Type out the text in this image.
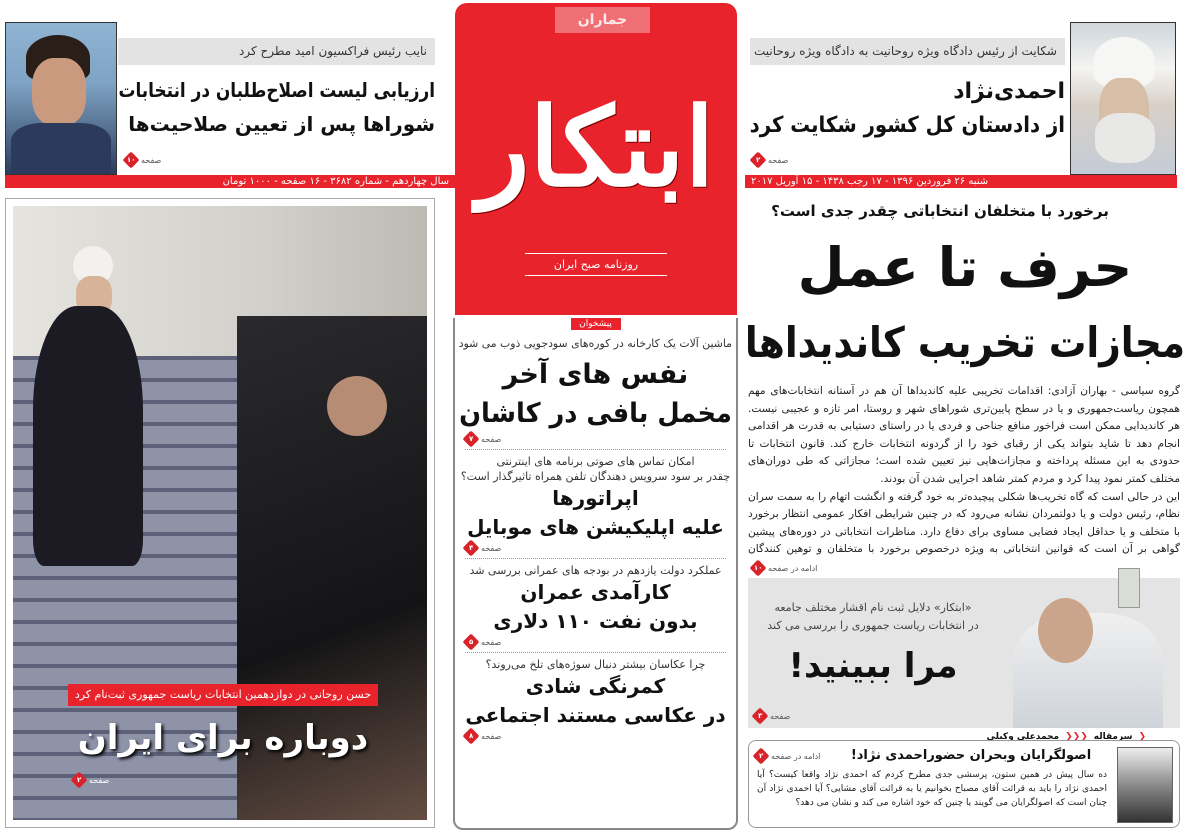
شکایت از رئیس دادگاه ویژه روحانیت به دادگاه ویژه روحانیت
احمدی‌نژاد
از دادستان کل کشور شکایت کرد
۲ صفحه
شنبه ۲۶ فروردین ۱۳۹۶ - ۱۷ رجب ۱۴۳۸ - ۱۵ آوریل ۲۰۱۷
نایب رئیس فراکسیون امید مطرح کرد
ارزیابی لیست اصلاح‌طلبان در انتخابات
شوراها پس از تعیین صلاحیت‌ها
۱۰ صفحه
سال چهاردهم - شماره ۳۶۸۲ - ۱۶ صفحه - ۱۰۰۰ تومان
جماران
ابتکار
روزنامه صبح ایران
پیشخوان
ماشین آلات یک کارخانه در کوره‌های سودجویی ذوب می شود
نفس های آخر
مخمل بافی در کاشان
۷ صفحه
امکان تماس های صوتی برنامه های اینترنتی
چقدر بر سود سرویس دهندگان تلفن همراه تاثیرگذار است؟
اپراتورها
علیه اپلیکیشن های موبایل
۴ صفحه
عملکرد دولت یازدهم در بودجه های عمرانی بررسی شد
کارآمدی عمران
بدون نفت ۱۱۰ دلاری
۵ صفحه
چرا عکاسان بیشتر دنبال سوژه‌های تلخ می‌روند؟
کمرنگی شادی
در عکاسی مستند اجتماعی
۸ صفحه
حسن روحانی در دوازدهمین انتخابات ریاست جمهوری ثبت‌نام کرد
دوباره برای ایران
۲ صفحه
برخورد با متخلفان انتخاباتی چقدر جدی است؟
حرف تا عمل
مجازات تخریب کاندیداها

گروه سیاسی - بهاران آزادی: اقدامات تخریبی علیه کاندیداها آن هم در آستانه انتخابات‌های مهم همچون ریاست‌جمهوری و یا در سطح پایین‌تری شوراهای شهر و روستا، امر تازه و عجیبی نیست. هر کاندیدایی ممکن است فراخور منافع جناحی و فردی یا در راستای دستیابی به قدرت هر اقدامی انجام دهد تا شاید بتواند یکی از رقبای خود را از گردونه انتخابات خارج کند. قانون انتخابات تا حدودی به این مسئله پرداخته و مجازات‌هایی نیز تعیین شده است؛ مجازاتی که طی دوران‌های مختلف کمتر نمود پیدا کرد و مردم کمتر شاهد اجرایی شدن آن بودند.

این در حالی است که گاه تخریب‌ها شکلی پیچیده‌تر به خود گرفته و انگشت اتهام را به سمت سران نظام، رئیس دولت و یا دولتمردان نشانه می‌رود که در چنین شرایطی افکار عمومی انتظار برخورد با متخلف و یا حداقل ایجاد فضایی مساوی برای دفاع دارد. مناظرات انتخاباتی در دوره‌های پیشین گواهی بر آن است که قوانین انتخاباتی به ویژه درخصوص برخورد با متخلفان و توهین کنندگان

۱۰ ادامه در صفحه
«ابتکار» دلایل ثبت نام اقشار مختلف جامعه
در انتخابات ریاست جمهوری را بررسی می کند
مرا ببینید!
۳ صفحه
❮
سرمقاله
❮❮❮
محمدعلی وکیلی
اصولگرایان وبحران حضوراحمدی نژاد!
۲ ادامه در صفحه
ده سال پیش در همین ستون، پرسشی جدی مطرح کردم که احمدی نژاد واقعا کیست؟ آیا احمدی نژاد را باید به قرائت آقای مصباح بخوانیم یا به قرائت آقای مشایی؟ آیا احمدی نژاد آن چنان است که اصولگرایان می گویند یا چنین که خود اشاره می کند و نشان می دهد؟
